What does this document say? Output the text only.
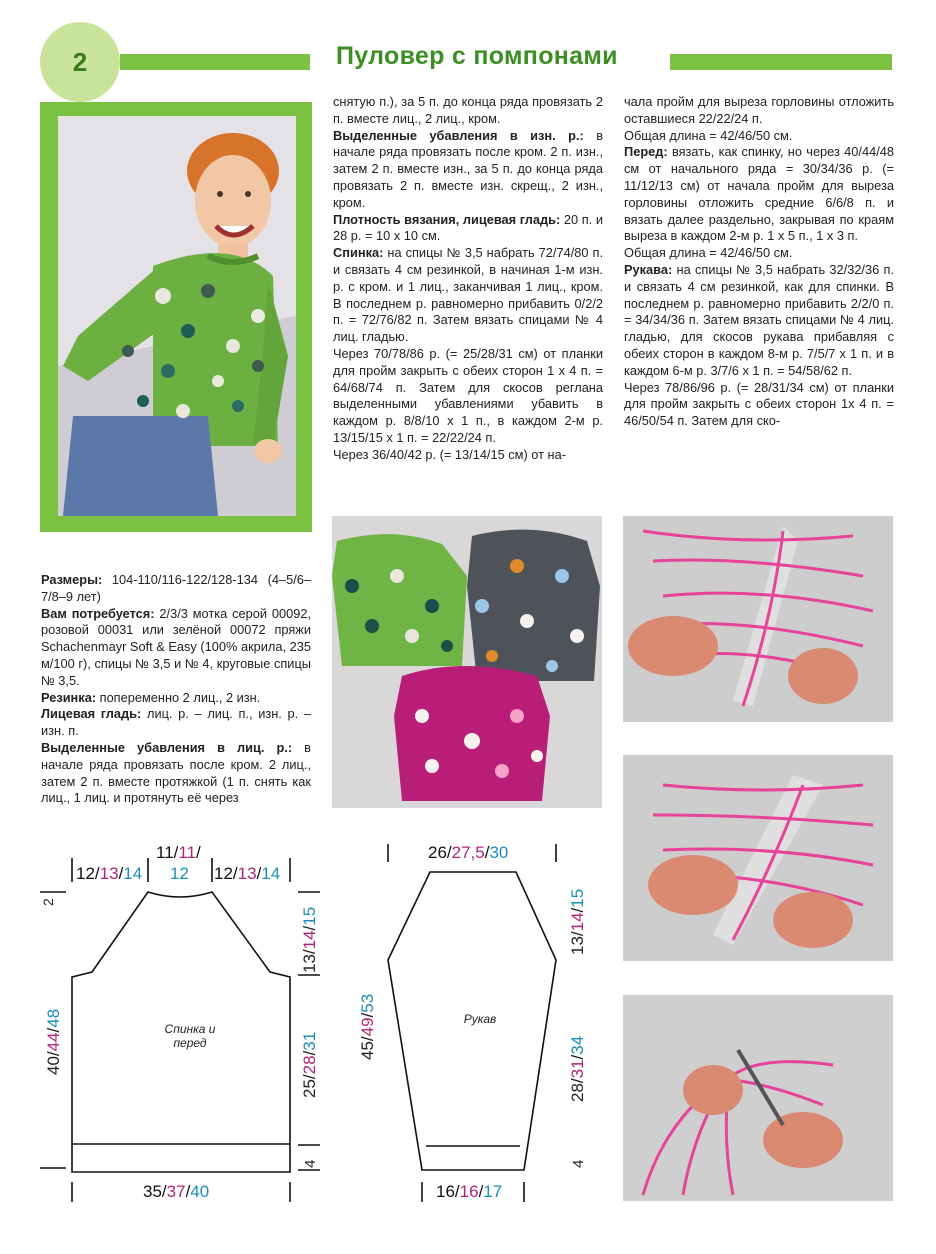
2	Пуловер с помпонами

снятую п.), за 5 п. до конца ряда провязать 2 п. вместе лиц., 2 лиц., кром.

Выделенные убавления в изн. р.: в начале ряда провязать после кром. 2 п. изн., затем 2 п. вместе изн., за 5 п. до конца ряда провязать 2 п. вместе изн. скрещ., 2 изн., кром.

Плотность вязания, лицевая гладь: 20 п. и 28 р. = 10 х 10 см.

Спинка: на спицы № 3,5 набрать 72/74/80 п. и связать 4 см резинкой, в начиная 1-м изн. р. с кром. и 1 лиц., заканчивая 1 лиц., кром. В последнем р. равномерно прибавить 0/2/2 п. = 72/76/82 п. Затем вязать спицами № 4 лиц. гладью.

Через 70/78/86 р. (= 25/28/31 см) от планки для пройм закрыть с обеих сторон 1 х 4 п. = 64/68/74 п. Затем для скосов реглана выделенными убавлениями убавить в каждом р. 8/8/10 х 1 п., в каждом 2-м р. 13/15/15 х 1 п. = 22/22/24 п.

Через 36/40/42 р. (= 13/14/15 см) от на-

чала пройм для выреза горловины отложить оставшиеся 22/22/24 п.

Общая длина = 42/46/50 см.

Перед: вязать, как спинку, но через 40/44/48 см от начального ряда = 30/34/36 р. (= 11/12/13 см) от начала пройм для выреза горловины отложить средние 6/6/8 п. и вязать далее раздельно, закрывая по краям выреза в каждом 2-м р. 1 х 5 п., 1 х 3 п.

Общая длина = 42/46/50 см.

Рукава: на спицы № 3,5 набрать 32/32/36 п. и связать 4 см резинкой, как для спинки. В последнем р. равномерно прибавить 2/2/0 п. = 34/34/36 п. Затем вязать спицами № 4 лиц. гладью, для скосов рукава прибавляя с обеих сторон в каждом 8-м р. 7/5/7 х 1 п. и в каждом 6-м р. 3/7/6 х 1 п. = 54/58/62 п.

Через 78/86/96 р. (= 28/31/34 см) от планки для пройм закрыть с обеих сторон 1х 4 п. = 46/50/54 п. Затем для ско-

Размеры: 104-110/116-122/128-134 (4–5/6–7/8–9 лет)

Вам потребуется: 2/3/3 мотка серой 00092, розовой 00031 или зелёной 00072 пряжи Schachenmayr Soft & Easy (100% акрила, 235 м/100 г), спицы № 3,5 и № 4, круговые спицы № 3,5.

Резинка: попеременно 2 лиц., 2 изн.

Лицевая гладь: лиц. р. – лиц. п., изн. р. – изн. п.

Выделенные убавления в лиц. р.: в начале ряда провязать после кром. 2 лиц., затем 2 п. вместе протяжкой (1 п. снять как лиц., 1 лиц. и протянуть её через

11/11/
12
12/13/14	12/13/14
2
40/44/48
13/14/15
25/28/31
4
35/37/40
Спинка и перед
26/27,5/30
45/49/53
13/14/15
28/31/34
4
16/16/17
Рукав
